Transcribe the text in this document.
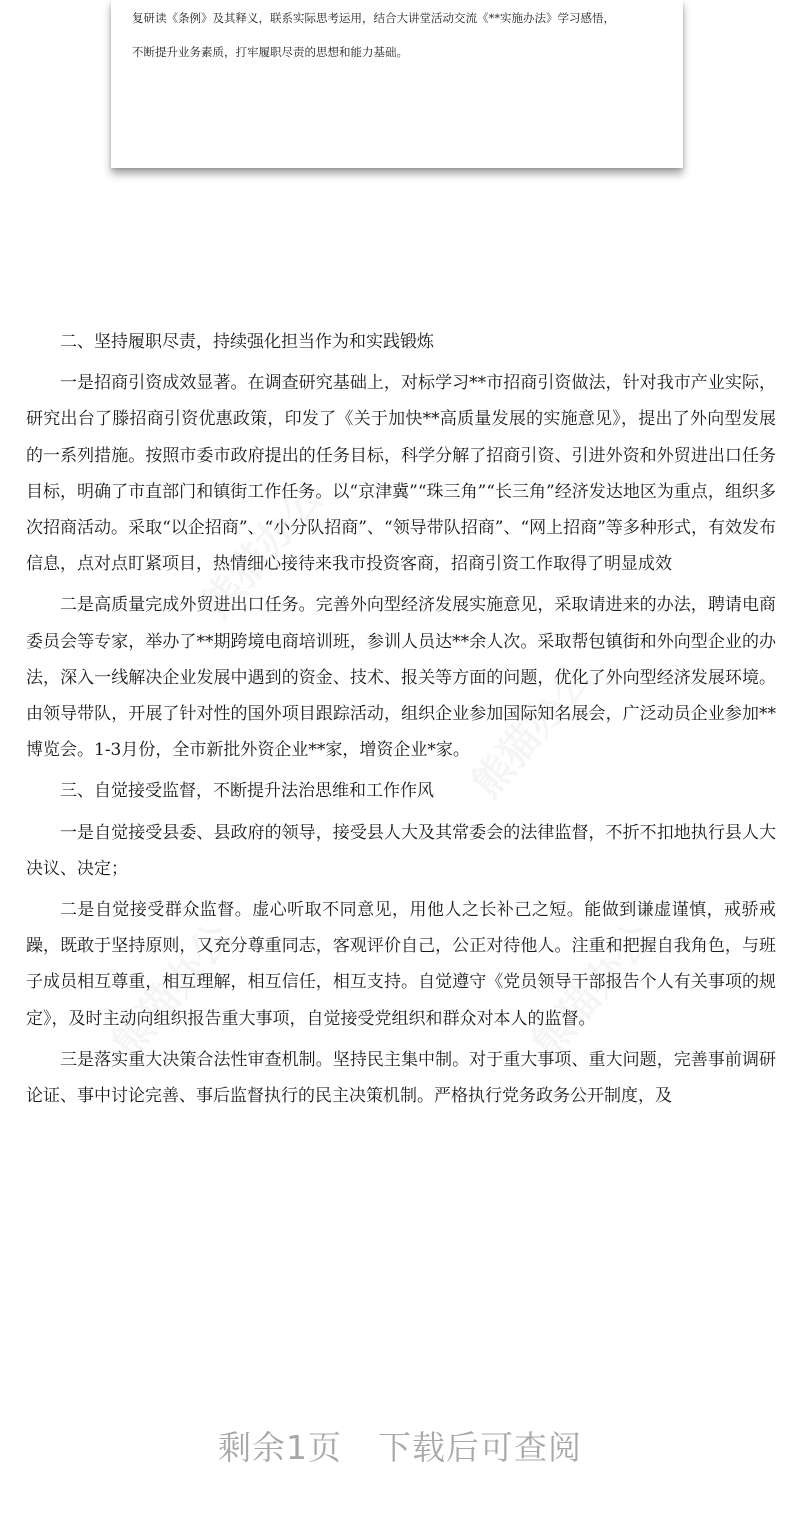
复研读《条例》及其释义，联系实际思考运用，结合大讲堂活动交流《**实施办法》学习感悟，

不断提升业务素质，打牢履职尽责的思想和能力基础。

熊猫办公
熊猫办公
熊猫办公	熊猫办公

二、坚持履职尽责，持续强化担当作为和实践锻炼

一是招商引资成效显著。在调查研究基础上，对标学习**市招商引资做法，针对我市产业实际，研究出台了滕招商引资优惠政策，印发了《关于加快**高质量发展的实施意见》，提出了外向型发展的一系列措施。按照市委市政府提出的任务目标，科学分解了招商引资、引进外资和外贸进出口任务目标，明确了市直部门和镇街工作任务。以“京津冀”“珠三角”“长三角”经济发达地区为重点，组织多次招商活动。采取“以企招商”、“小分队招商”、“领导带队招商”、“网上招商”等多种形式，有效发布信息，点对点盯紧项目，热情细心接待来我市投资客商，招商引资工作取得了明显成效

二是高质量完成外贸进出口任务。完善外向型经济发展实施意见，采取请进来的办法，聘请电商委员会等专家，举办了**期跨境电商培训班，参训人员达**余人次。采取帮包镇街和外向型企业的办法，深入一线解决企业发展中遇到的资金、技术、报关等方面的问题，优化了外向型经济发展环境。由领导带队，开展了针对性的国外项目跟踪活动，组织企业参加国际知名展会，广泛动员企业参加**博览会。1-3月份，全市新批外资企业**家，增资企业*家。

三、自觉接受监督，不断提升法治思维和工作作风

一是自觉接受县委、县政府的领导，接受县人大及其常委会的法律监督，不折不扣地执行县人大决议、决定；

二是自觉接受群众监督。虚心听取不同意见，用他人之长补己之短。能做到谦虚谨慎，戒骄戒躁，既敢于坚持原则，又充分尊重同志，客观评价自己，公正对待他人。注重和把握自我角色，与班子成员相互尊重，相互理解，相互信任，相互支持。自觉遵守《党员领导干部报告个人有关事项的规定》，及时主动向组织报告重大事项，自觉接受党组织和群众对本人的监督。

三是落实重大决策合法性审查机制。坚持民主集中制。对于重大事项、重大问题，完善事前调研论证、事中讨论完善、事后监督执行的民主决策机制。严格执行党务政务公开制度，及

剩余1页 下载后可查阅
